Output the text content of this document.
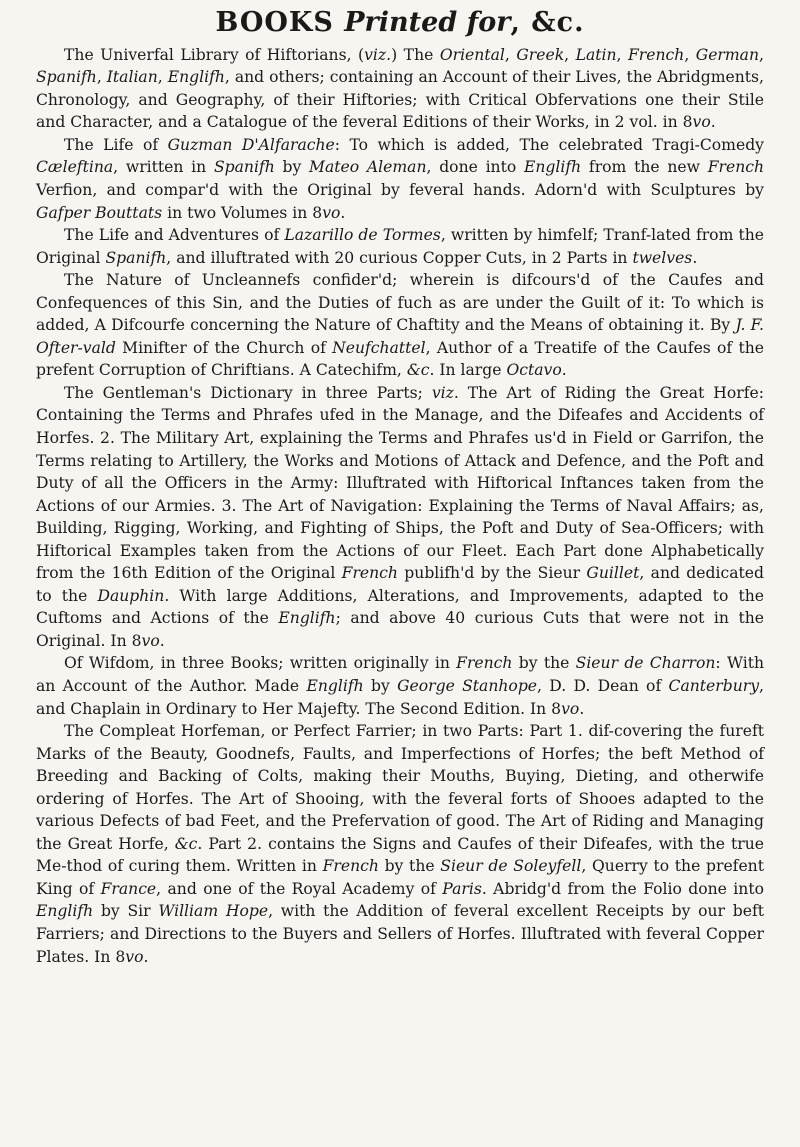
BOOKS Printed for, &c.

The Univerfal Library of Hiftorians, (viz.) The Oriental, Greek, Latin, French, German, Spanifh, Italian, Englifh, and others; containing an Account of their Lives, the Abridgments, Chronology, and Geography, of their Hiftories; with Critical Obfervations one their Stile and Character, and a Catalogue of the feveral Editions of their Works, in 2 vol. in 8vo.

The Life of Guzman D'Alfarache: To which is added, The celebrated Tragi-Comedy Cæleftina, written in Spanifh by Mateo Aleman, done into Englifh from the new French Verfion, and compar'd with the Original by feveral hands. Adorn'd with Sculptures by Gafper Bouttats in two Volumes in 8vo.

The Life and Adventures of Lazarillo de Tormes, written by himfelf; Tranf-lated from the Original Spanifh, and illuftrated with 20 curious Copper Cuts, in 2 Parts in twelves.

The Nature of Uncleannefs confider'd; wherein is difcours'd of the Caufes and Confequences of this Sin, and the Duties of fuch as are under the Guilt of it: To which is added, A Difcourfe concerning the Nature of Chaftity and the Means of obtaining it. By J. F. Ofter-vald Minifter of the Church of Neufchattel, Author of a Treatife of the Caufes of the prefent Corruption of Chriftians. A Catechifm, &c. In large Octavo.

The Gentleman's Dictionary in three Parts; viz. The Art of Riding the Great Horfe: Containing the Terms and Phrafes ufed in the Manage, and the Difeafes and Accidents of Horfes. 2. The Military Art, explaining the Terms and Phrafes us'd in Field or Garrifon, the Terms relating to Artillery, the Works and Motions of Attack and Defence, and the Poft and Duty of all the Officers in the Army: Illuftrated with Hiftorical Inftances taken from the Actions of our Armies. 3. The Art of Navigation: Explaining the Terms of Naval Affairs; as, Building, Rigging, Working, and Fighting of Ships, the Poft and Duty of Sea-Officers; with Hiftorical Examples taken from the Actions of our Fleet. Each Part done Alphabetically from the 16th Edition of the Original French publifh'd by the Sieur Guillet, and dedicated to the Dauphin. With large Additions, Alterations, and Improvements, adapted to the Cuftoms and Actions of the Englifh; and above 40 curious Cuts that were not in the Original. In 8vo.

Of Wifdom, in three Books; written originally in French by the Sieur de Charron: With an Account of the Author. Made Englifh by George Stanhope, D. D. Dean of Canterbury, and Chaplain in Ordinary to Her Majefty. The Second Edition. In 8vo.

The Compleat Horfeman, or Perfect Farrier; in two Parts: Part 1. dif-covering the fureft Marks of the Beauty, Goodnefs, Faults, and Imperfections of Horfes; the beft Method of Breeding and Backing of Colts, making their Mouths, Buying, Dieting, and otherwife ordering of Horfes. The Art of Shooing, with the feveral forts of Shooes adapted to the various Defects of bad Feet, and the Prefervation of good. The Art of Riding and Managing the Great Horfe, &c. Part 2. contains the Signs and Caufes of their Difeafes, with the true Me-thod of curing them. Written in French by the Sieur de Soleyfell, Querry to the prefent King of France, and one of the Royal Academy of Paris. Abridg'd from the Folio done into Englifh by Sir William Hope, with the Addition of feveral excellent Receipts by our beft Farriers; and Directions to the Buyers and Sellers of Horfes. Illuftrated with feveral Copper Plates. In 8vo.
